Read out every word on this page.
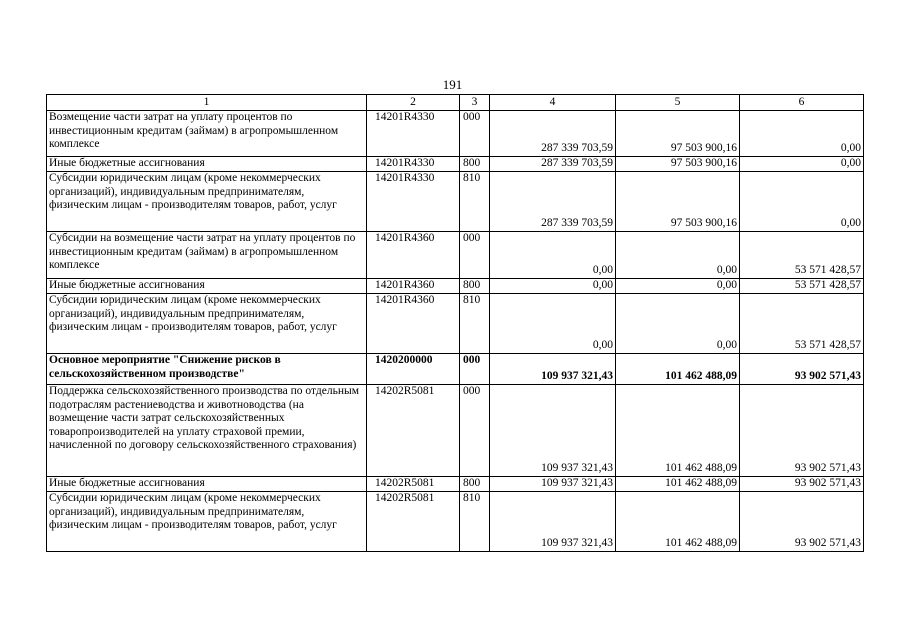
191
1	2	3	4	5	6
Возмещение части затрат на уплату процентов по инвестиционным кредитам (займам) в агропромышленном комплексе	14201R4330	000	287 339 703,59	97 503 900,16	0,00
Иные бюджетные ассигнования	14201R4330	800	287 339 703,59	97 503 900,16	0,00
Субсидии юридическим лицам (кроме некоммерческих организаций), индивидуальным предпринимателям, физическим лицам - производителям товаров, работ, услуг	14201R4330	810	287 339 703,59	97 503 900,16	0,00
Субсидии на возмещение части затрат на уплату процентов по инвестиционным кредитам (займам) в агропромышленном комплексе	14201R4360	000	0,00	0,00	53 571 428,57
Иные бюджетные ассигнования	14201R4360	800	0,00	0,00	53 571 428,57
Субсидии юридическим лицам (кроме некоммерческих организаций), индивидуальным предпринимателям, физическим лицам - производителям товаров, работ, услуг	14201R4360	810	0,00	0,00	53 571 428,57
Основное мероприятие "Снижение рисков в сельскохозяйственном производстве"	1420200000	000	109 937 321,43	101 462 488,09	93 902 571,43
Поддержка сельскохозяйственного производства по отдельным подотраслям растениеводства и животноводства (на возмещение части затрат сельскохозяйственных товаропроизводителей на уплату страховой премии, начисленной по договору сельскохозяйственного страхования)	14202R5081	000	109 937 321,43	101 462 488,09	93 902 571,43
Иные бюджетные ассигнования	14202R5081	800	109 937 321,43	101 462 488,09	93 902 571,43
Субсидии юридическим лицам (кроме некоммерческих организаций), индивидуальным предпринимателям, физическим лицам - производителям товаров, работ, услуг	14202R5081	810	109 937 321,43	101 462 488,09	93 902 571,43
